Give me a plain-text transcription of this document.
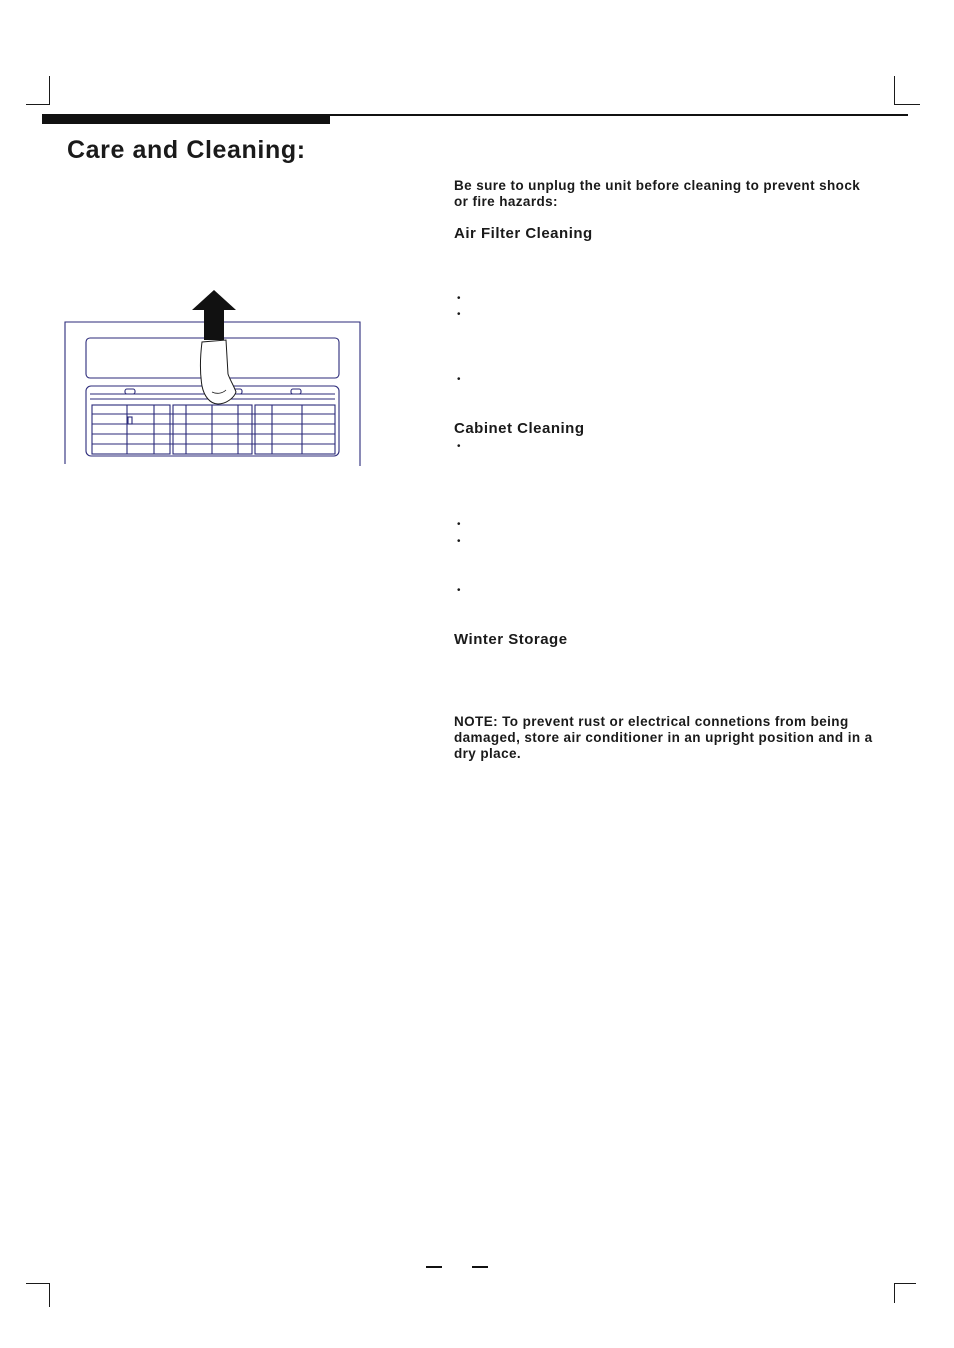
Care and Cleaning:
Be sure to unplug the unit before cleaning to prevent shock or fire hazards:
Air Filter Cleaning
•
•
•
Cabinet Cleaning
•
•
•
•
Winter Storage
NOTE: To prevent rust or electrical connetions from being damaged, store air conditioner in an upright position and in a dry place.
